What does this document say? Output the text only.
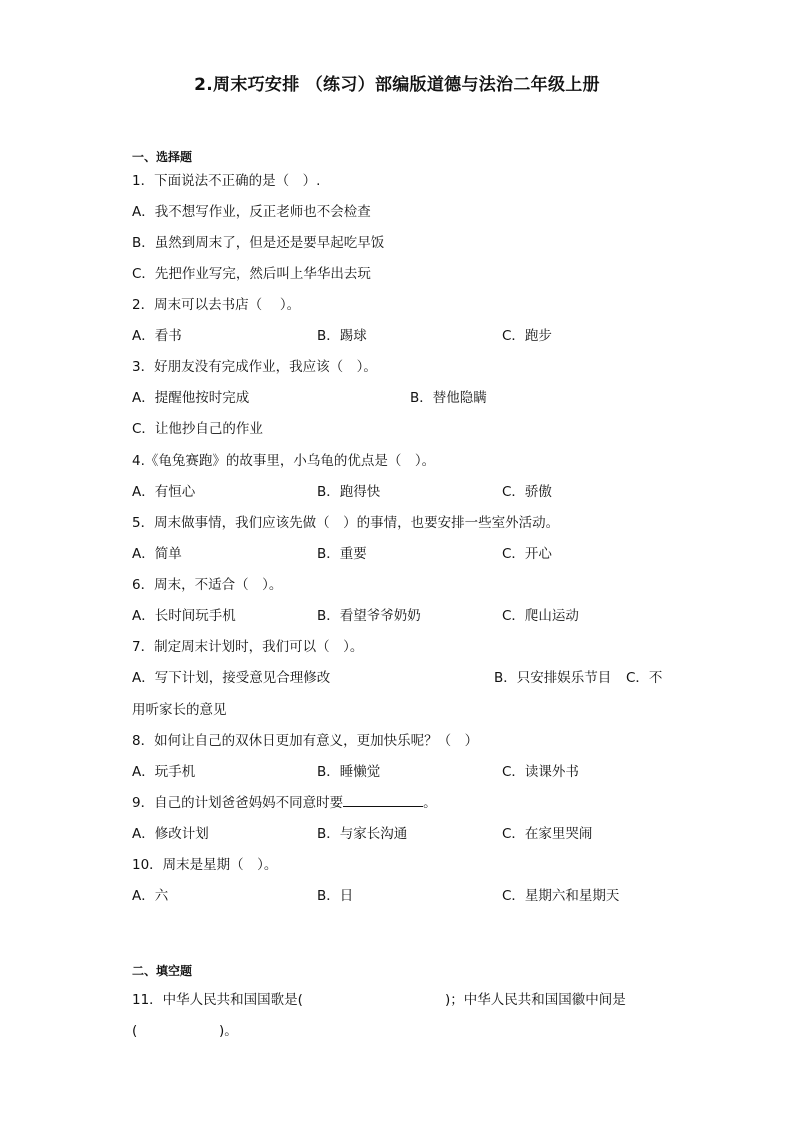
2.周末巧安排 （练习）部编版道德与法治二年级上册
一、选择题
1．下面说法不正确的是（　）.
A．我不想写作业，反正老师也不会检查
B．虽然到周末了，但是还是要早起吃早饭
C．先把作业写完，然后叫上华华出去玩
2．周末可以去书店（　 ）。
A．看书	B．踢球	C．跑步
3．好朋友没有完成作业，我应该（　）。
A．提醒他按时完成	B．替他隐瞒
C．让他抄自己的作业
4.《龟兔赛跑》的故事里，小乌龟的优点是（　）。
A．有恒心	B．跑得快	C．骄傲
5．周末做事情，我们应该先做（　）的事情，也要安排一些室外活动。
A．简单	B．重要	C．开心
6．周末，不适合（　）。
A．长时间玩手机	B．看望爷爷奶奶	C．爬山运动
7．制定周末计划时，我们可以（　）。
A．写下计划，接受意见合理修改	B．只安排娱乐节目 C．不
用听家长的意见
8．如何让自己的双休日更加有意义，更加快乐呢？（　）
A．玩手机	B．睡懒觉	C．读课外书
9．自己的计划爸爸妈妈不同意时要	。
A．修改计划	B．与家长沟通	C．在家里哭闹
10．周末是星期（　）。
A．六	B．日	C．星期六和星期天
二、填空题
11．中华人民共和国国歌是(	)；中华人民共和国国徽中间是
(	)。
